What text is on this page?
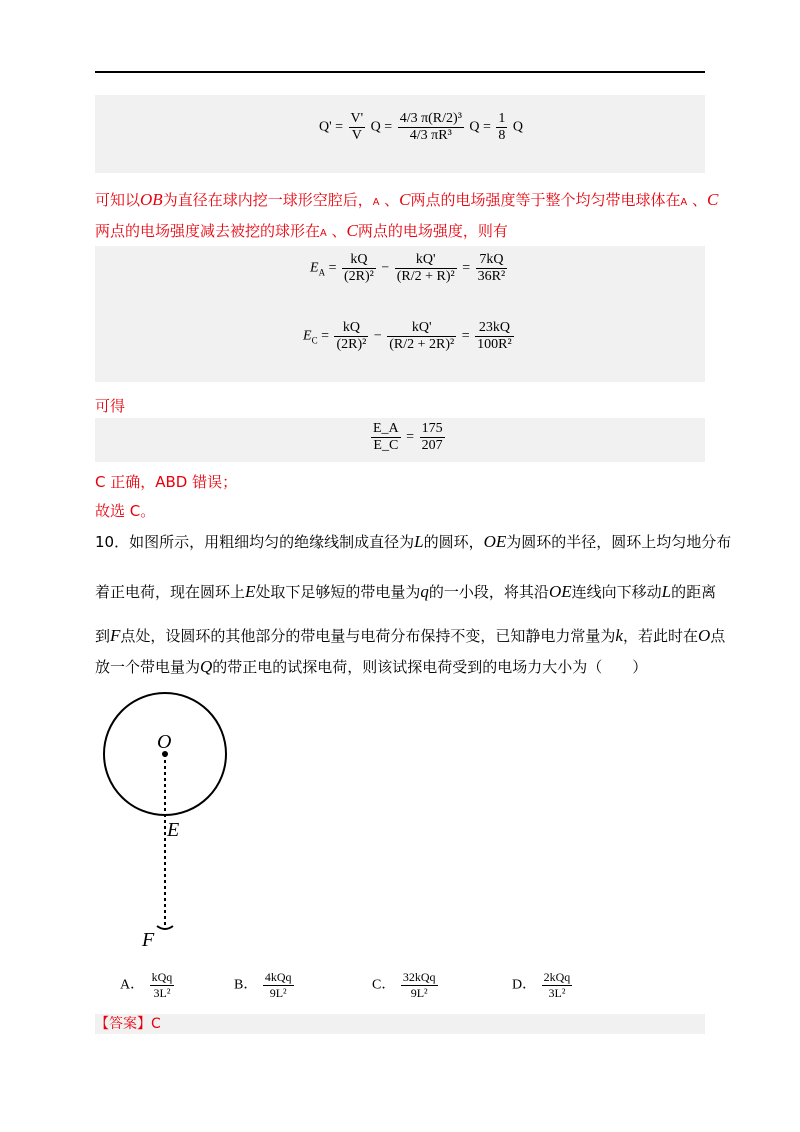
$Q' = \frac{V'}{V}$ $Q = \frac{\text{4/3 π(R/2)³}}{\text{4/3 πR³}}$ $Q = \frac{1}{8}$ Q
可知以OB为直径在球内挖一球形空腔后，A 、C两点的电场强度等于整个均匀带电球体在A 、C
两点的电场强度减去被挖的球形在A 、C两点的电场强度，则有
$E_A = \frac{kQ}{\text{(2R)²}} - \frac{kQ'}{\text{(R/2 + R)²}} = \frac{7kQ}{\text{36R²}}$
$E_C = \frac{kQ}{\text{(2R)²}} - \frac{kQ'}{\text{(R/2 + 2R)²}} = \frac{23kQ}{\text{100R²}}$
可得
$\frac{E\_A}{E\_C} = \frac{175}{207}$
C 正确，ABD 错误；
故选 C。
10．如图所示，用粗细均匀的绝缘线制成直径为L的圆环，OE为圆环的半径，圆环上均匀地分布
着正电荷，现在圆环上E处取下足够短的带电量为q的一小段，将其沿OE连线向下移动L的距离
到F点处，设圆环的其他部分的带电量与电荷分布保持不变，已知静电力常量为k，若此时在O点
放一个带电量为Q的带正电的试探电荷，则该试探电荷受到的电场力大小为（　　）
O
E
F
A． $\frac{\text{kQq}}{\text{3L²}}$	B． $\frac{\text{4kQq}}{\text{9L²}}$	C． $\frac{\text{32kQq}}{\text{9L²}}$	D． $\frac{\text{2kQq}}{\text{3L²}}$
【答案】C
